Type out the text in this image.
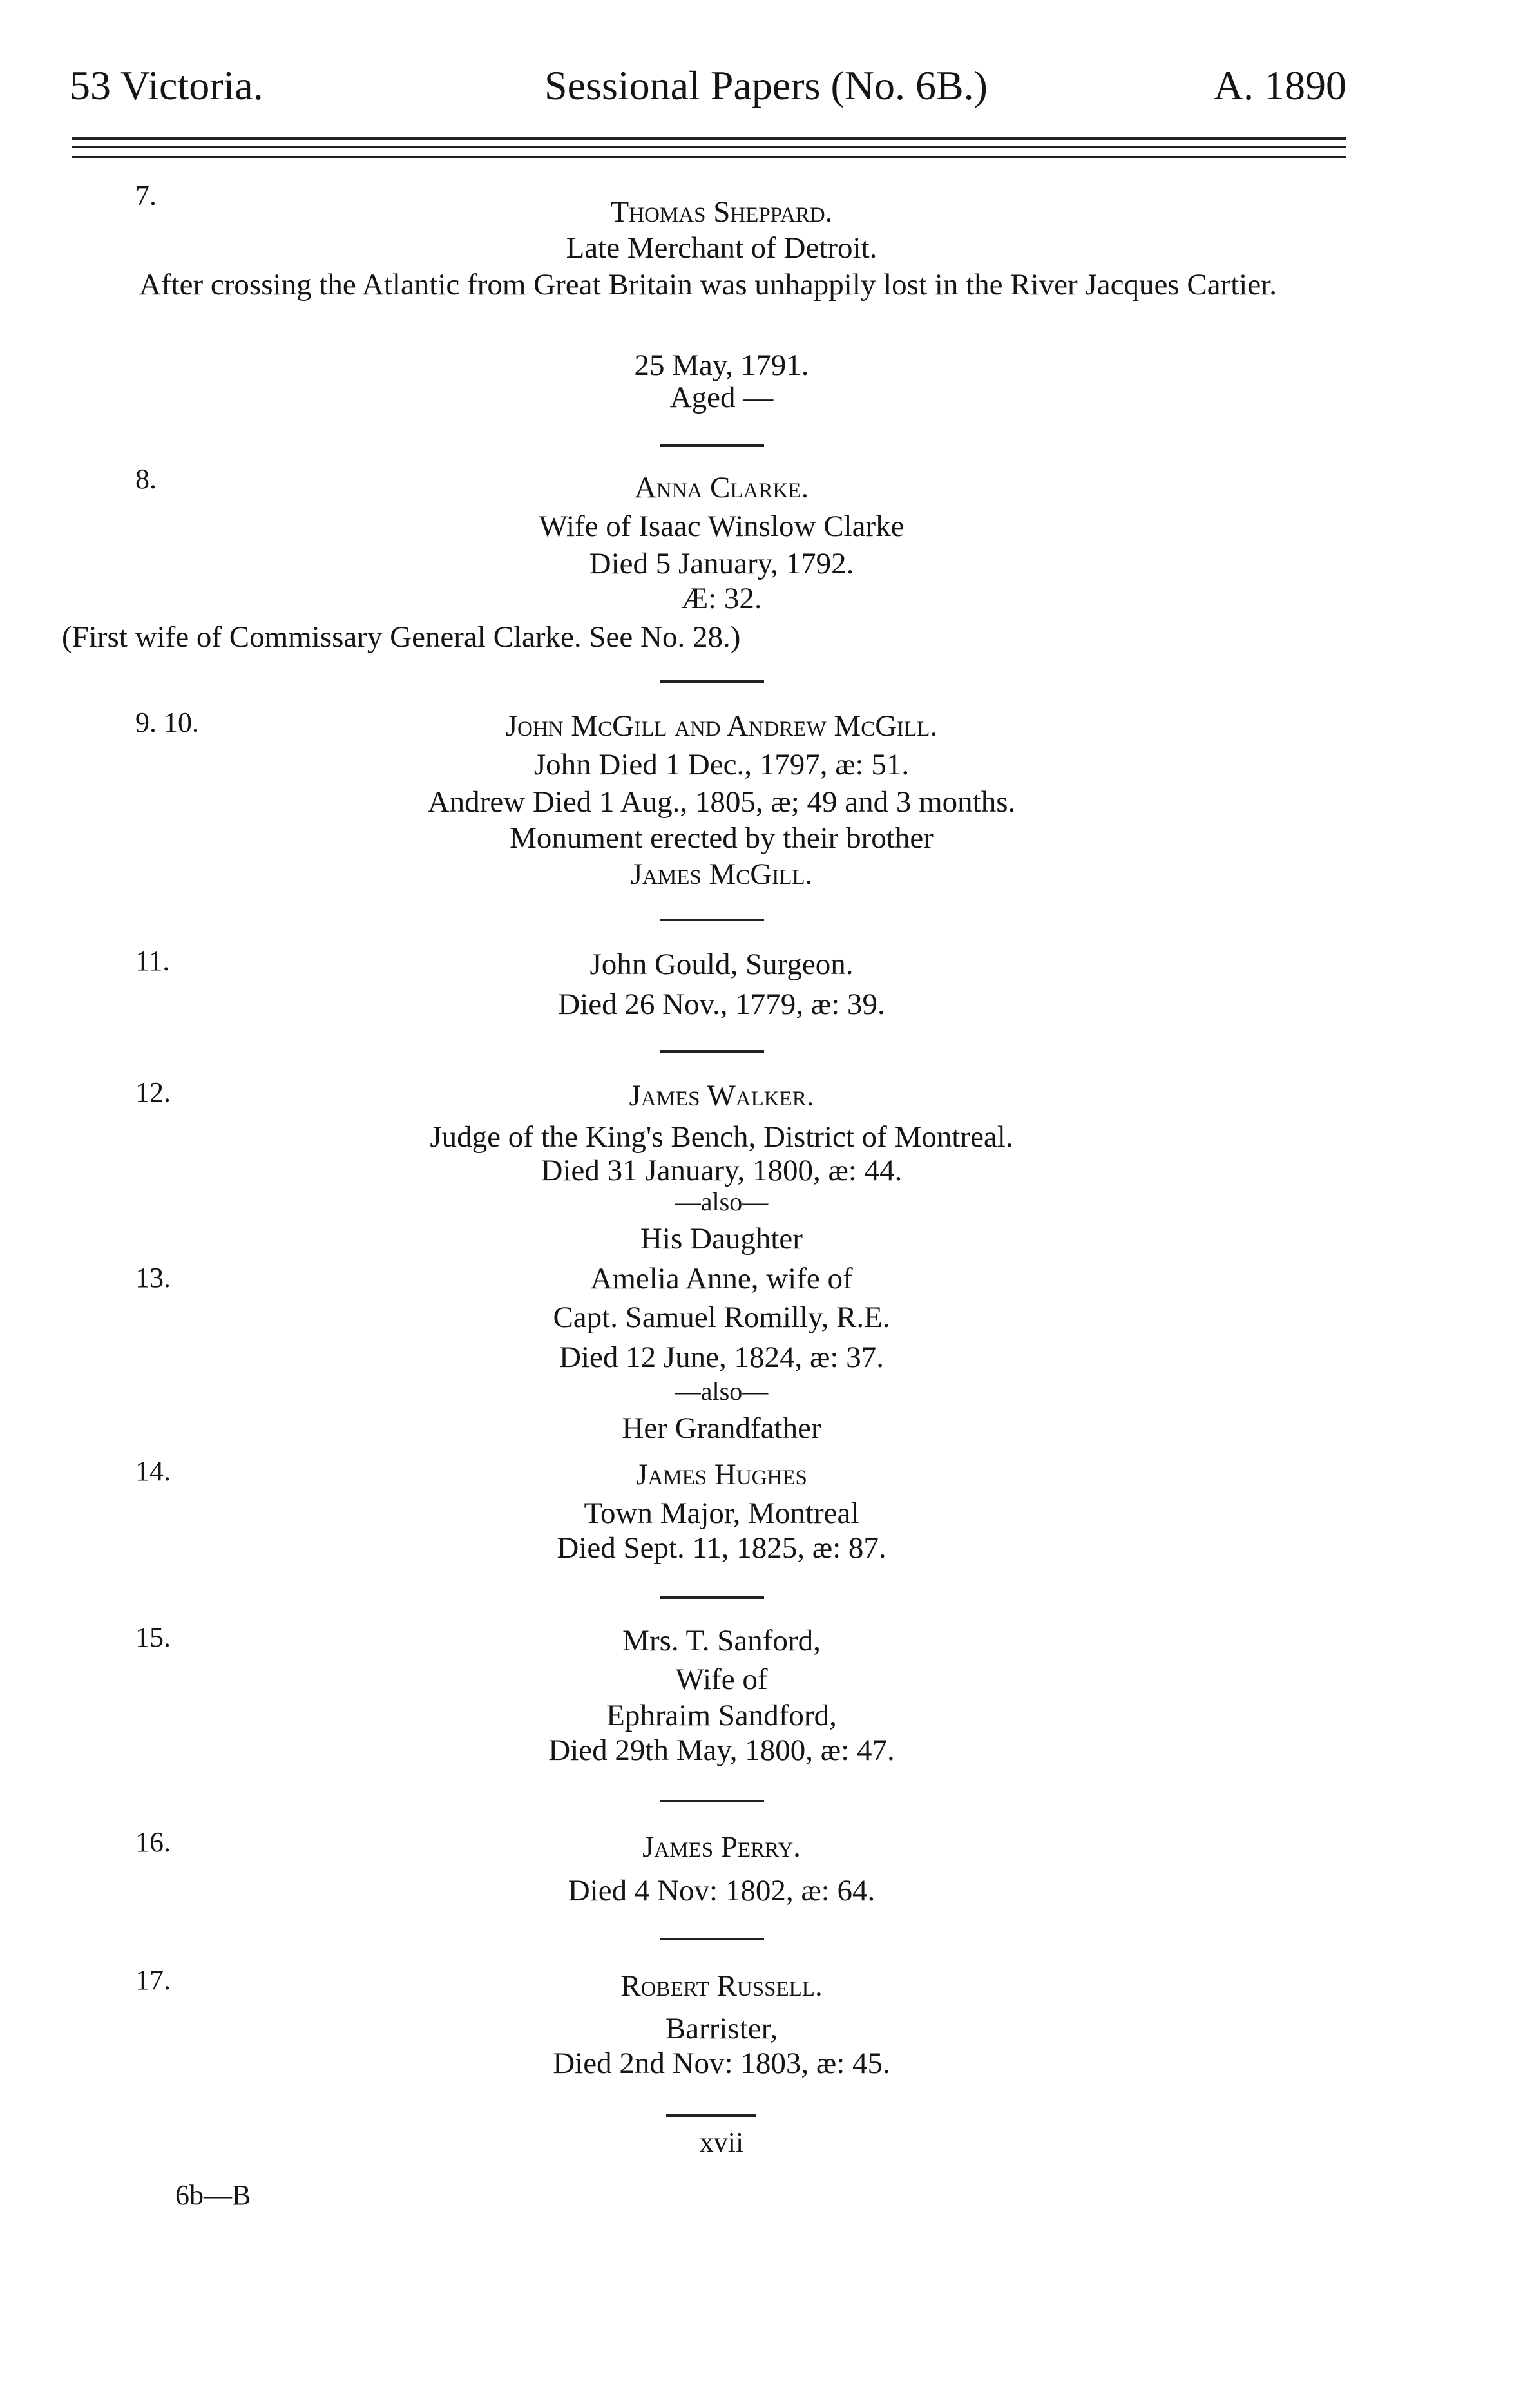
53 Victoria.	Sessional Papers (No. 6B.)	A. 1890
7.	Thomas Sheppard.
Late Merchant of Detroit.
After crossing the Atlantic from Great Britain was unhappily lost in the River Jacques Cartier.
25 May, 1791.
Aged —
8.	Anna Clarke.
Wife of Isaac Winslow Clarke
Died 5 January, 1792.
Æ: 32.
(First wife of Commissary General Clarke. See No. 28.)
9. 10.	John McGill and Andrew McGill.
John Died 1 Dec., 1797, æ: 51.
Andrew Died 1 Aug., 1805, æ; 49 and 3 months.
Monument erected by their brother
James McGill.
11.	John Gould, Surgeon.
Died 26 Nov., 1779, æ: 39.
12.	James Walker.
Judge of the King's Bench, District of Montreal.
Died 31 January, 1800, æ: 44.
—also—
His Daughter
13.	Amelia Anne, wife of
Capt. Samuel Romilly, R.E.
Died 12 June, 1824, æ: 37.
—also—
Her Grandfather
14.	James Hughes
Town Major, Montreal
Died Sept. 11, 1825, æ: 87.
15.	Mrs. T. Sanford,
Wife of
Ephraim Sandford,
Died 29th May, 1800, æ: 47.
16.	James Perry.
Died 4 Nov: 1802, æ: 64.
17.	Robert Russell.
Barrister,
Died 2nd Nov: 1803, æ: 45.
xvii
6b—B
